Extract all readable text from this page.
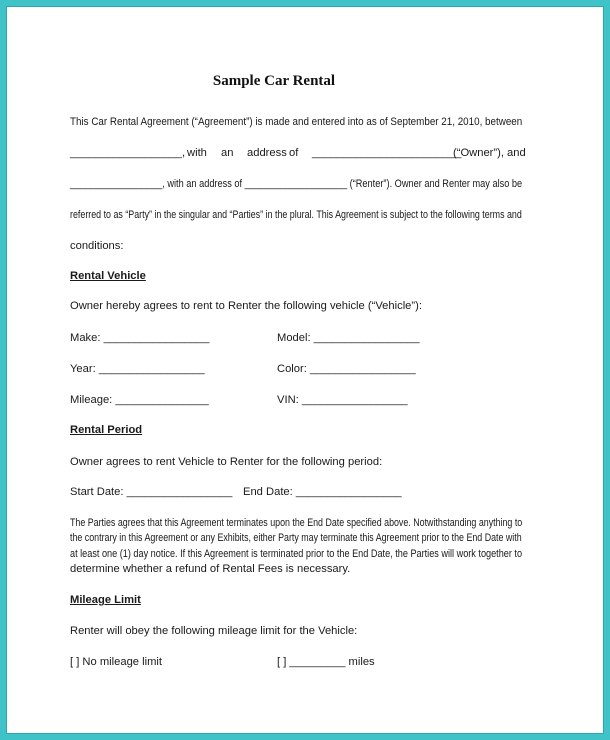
Sample Car Rental
This Car Rental Agreement (“Agreement”) is made and entered into as of September 21, 2010, between
__________________, with an address of ________________________
(“Owner”), and
__________________, with an address of ____________________ (“Renter”). Owner and Renter may also be
referred to as “Party” in the singular and “Parties” in the plural. This Agreement is subject to the following terms and
conditions:
Rental Vehicle
Owner hereby agrees to rent to Renter the following vehicle (“Vehicle”):
Make: _________________	Model: _________________
Year: _________________	Color: _________________
Mileage: _______________	VIN: _________________
Rental Period
Owner agrees to rent Vehicle to Renter for the following period:
Start Date: _________________ End Date: _________________
The Parties agrees that this Agreement terminates upon the End Date specified above. Notwithstanding anything to
the contrary in this Agreement or any Exhibits, either Party may terminate this Agreement prior to the End Date with
at least one (1) day notice. If this Agreement is terminated prior to the End Date, the Parties will work together to
determine whether a refund of Rental Fees is necessary.
Mileage Limit
Renter will obey the following mileage limit for the Vehicle:
[ ] No mileage limit	[ ] _________ miles
